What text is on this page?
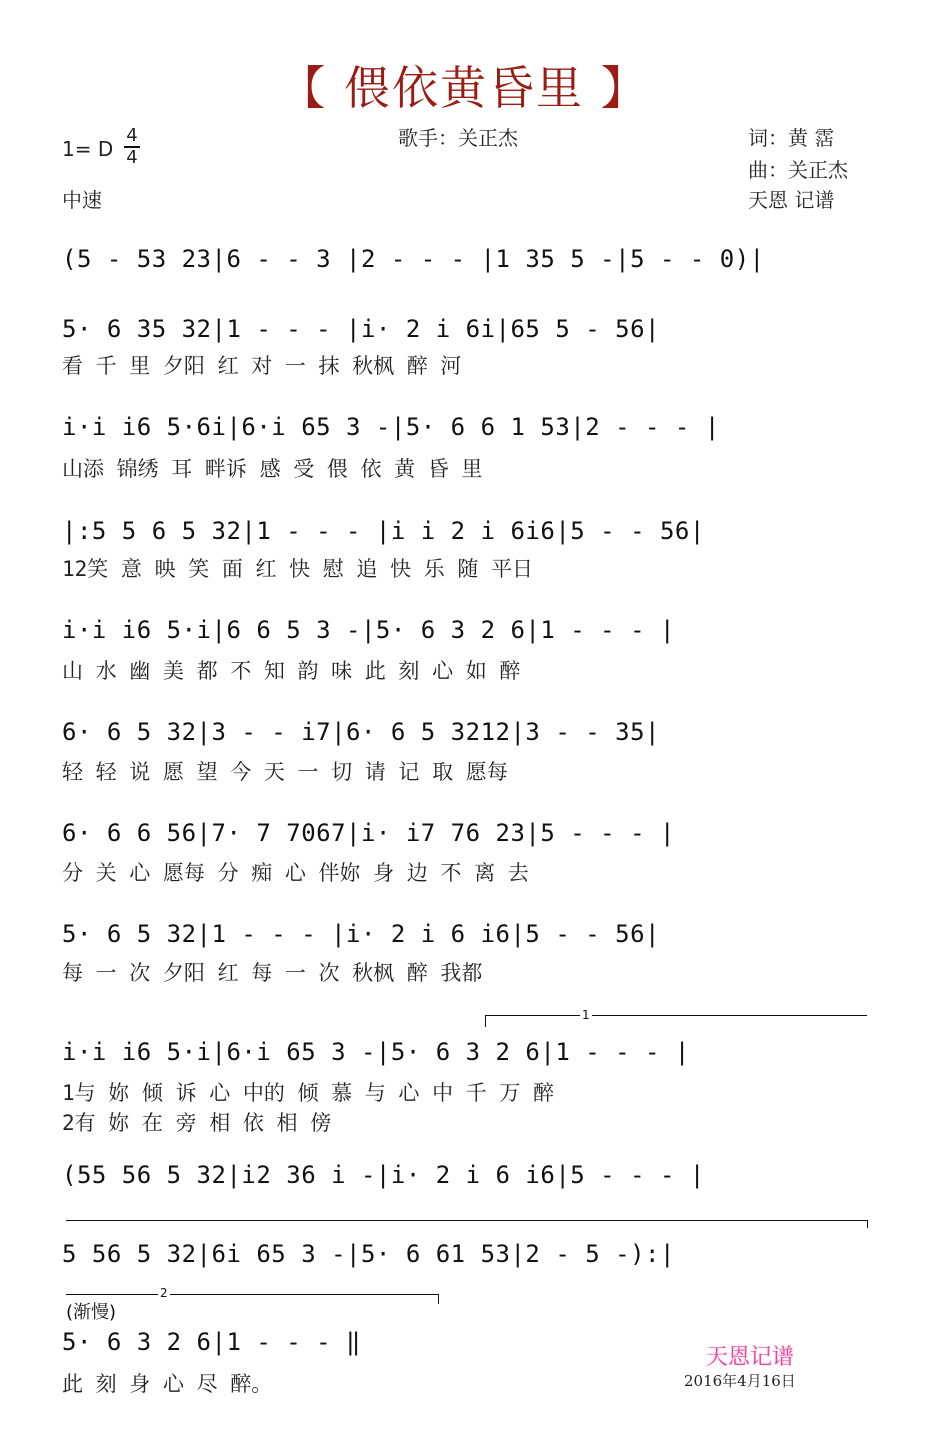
【 偎依黄昏里 】
歌手：关正杰
1= D
4
4
中速
词：黄 霑
曲：关正杰
天恩 记谱
(5 - 53 23|6 - - 3 |2 - - - |1 35 5 -|5 - - 0)|
5· 6 35 32|1 - - - |i· 2 i 6i|65 5 - 56|
看 千 里 夕阳 红 对 一 抹 秋枫 醉 河
i·i i6 5·6i|6·i 65 3 -|5· 6 6 1 53|2 - - - |
山添 锦绣 耳 畔诉 感 受 偎 依 黄 昏 里
|:5 5 6 5 32|1 - - - |i i 2 i 6i6|5 - - 56|
12笑 意 映 笑 面 红 快 慰 追 快 乐 随 平日
i·i i6 5·i|6 6 5 3 -|5· 6 3 2 6|1 - - - |
山 水 幽 美 都 不 知 韵 味 此 刻 心 如 醉
6· 6 5 32|3 - - i7|6· 6 5 3212|3 - - 35|
轻 轻 说 愿 望 今 天 一 切 请 记 取 愿每
6· 6 6 56|7· 7 7067|i· i7 76 23|5 - - - |
分 关 心 愿每 分 痴 心 伴妳 身 边 不 离 去
5· 6 5 32|1 - - - |i· 2 i 6 i6|5 - - 56|
每 一 次 夕阳 红 每 一 次 秋枫 醉 我都
1
i·i i6 5·i|6·i 65 3 -|5· 6 3 2 6|1 - - - |
1与 妳 倾 诉 心 中的 倾 慕 与 心 中 千 万 醉
2有 妳 在 旁 相 依 相 傍
(55 56 5 32|i2 36 i -|i· 2 i 6 i6|5 - - - |
5 56 5 32|6i 65 3 -|5· 6 61 53|2 - 5 -):|
2
(渐慢)
5· 6 3 2 6|1 - - - ‖
此 刻 身 心 尽 醉。
天恩记谱
2016年4月16日
